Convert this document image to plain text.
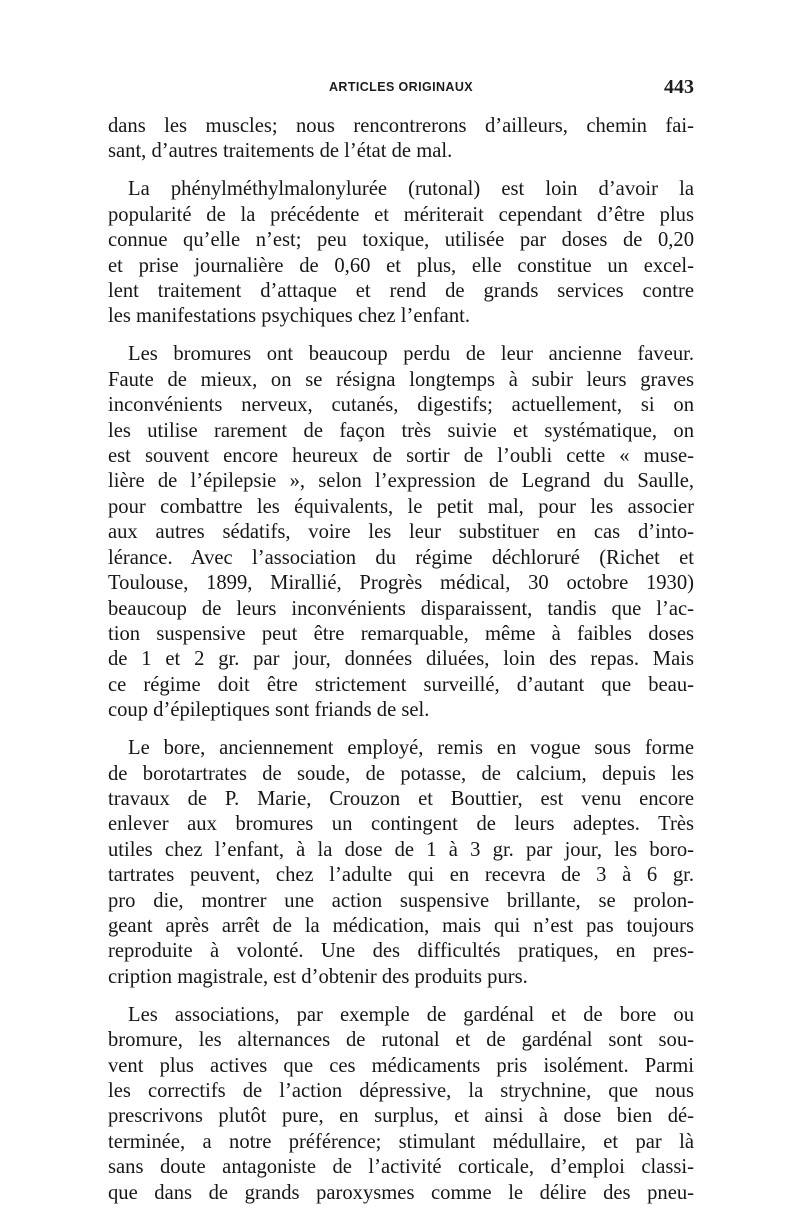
ARTICLES ORIGINAUX	443
dans les muscles; nous rencontrerons d’ailleurs, chemin fai-
sant, d’autres traitements de l’état de mal.
La phénylméthylmalonylurée (rutonal) est loin d’avoir la
popularité de la précédente et mériterait cependant d’être plus
connue qu’elle n’est; peu toxique, utilisée par doses de 0,20
et prise journalière de 0,60 et plus, elle constitue un excel-
lent traitement d’attaque et rend de grands services contre
les manifestations psychiques chez l’enfant.
Les bromures ont beaucoup perdu de leur ancienne faveur.
Faute de mieux, on se résigna longtemps à subir leurs graves
inconvénients nerveux, cutanés, digestifs; actuellement, si on
les utilise rarement de façon très suivie et systématique, on
est souvent encore heureux de sortir de l’oubli cette « muse-
lière de l’épilepsie », selon l’expression de Legrand du Saulle,
pour combattre les équivalents, le petit mal, pour les associer
aux autres sédatifs, voire les leur substituer en cas d’into-
lérance. Avec l’association du régime déchloruré (Richet et
Toulouse, 1899, Mirallié, Progrès médical, 30 octobre 1930)
beaucoup de leurs inconvénients disparaissent, tandis que l’ac-
tion suspensive peut être remarquable, même à faibles doses
de 1 et 2 gr. par jour, données diluées, loin des repas. Mais
ce régime doit être strictement surveillé, d’autant que beau-
coup d’épileptiques sont friands de sel.
Le bore, anciennement employé, remis en vogue sous forme
de borotartrates de soude, de potasse, de calcium, depuis les
travaux de P. Marie, Crouzon et Bouttier, est venu encore
enlever aux bromures un contingent de leurs adeptes. Très
utiles chez l’enfant, à la dose de 1 à 3 gr. par jour, les boro-
tartrates peuvent, chez l’adulte qui en recevra de 3 à 6 gr.
pro die, montrer une action suspensive brillante, se prolon-
geant après arrêt de la médication, mais qui n’est pas toujours
reproduite à volonté. Une des difficultés pratiques, en pres-
cription magistrale, est d’obtenir des produits purs.
Les associations, par exemple de gardénal et de bore ou
bromure, les alternances de rutonal et de gardénal sont sou-
vent plus actives que ces médicaments pris isolément. Parmi
les correctifs de l’action dépressive, la strychnine, que nous
prescrivons plutôt pure, en surplus, et ainsi à dose bien dé-
terminée, a notre préférence; stimulant médullaire, et par là
sans doute antagoniste de l’activité corticale, d’emploi classi-
que dans de grands paroxysmes comme le délire des pneu-
